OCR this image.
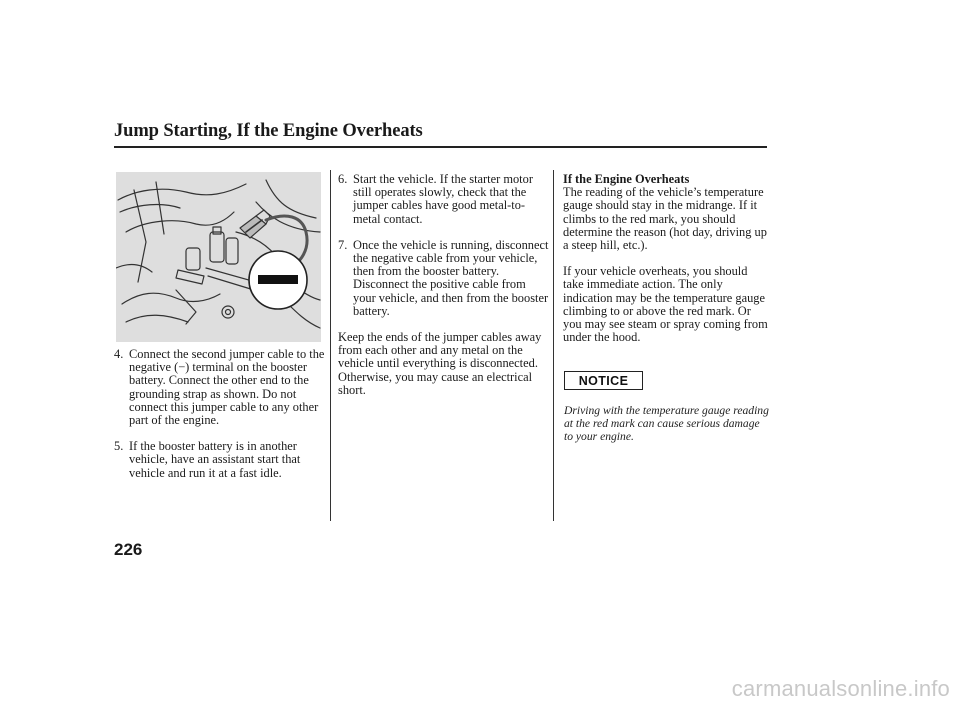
Jump Starting, If the Engine Overheats
4. Connect the second jumper cable to the negative (−) terminal on the booster battery. Connect the other end to the grounding strap as shown. Do not connect this jumper cable to any other part of the engine.
5. If the booster battery is in another vehicle, have an assistant start that vehicle and run it at a fast idle.
6. Start the vehicle. If the starter motor still operates slowly, check that the jumper cables have good metal-to-metal contact.
7. Once the vehicle is running, disconnect the negative cable from your vehicle, then from the booster battery. Disconnect the positive cable from your vehicle, and then from the booster battery.

Keep the ends of the jumper cables away from each other and any metal on the vehicle until everything is disconnected. Otherwise, you may cause an electrical short.

If the Engine Overheats

The reading of the vehicle’s temperature gauge should stay in the midrange. If it climbs to the red mark, you should determine the reason (hot day, driving up a steep hill, etc.).

If your vehicle overheats, you should take immediate action. The only indication may be the temperature gauge climbing to or above the red mark. Or you may see steam or spray coming from under the hood.

NOTICE
Driving with the temperature gauge reading at the red mark can cause serious damage to your engine.

226

carmanualsonline.info
